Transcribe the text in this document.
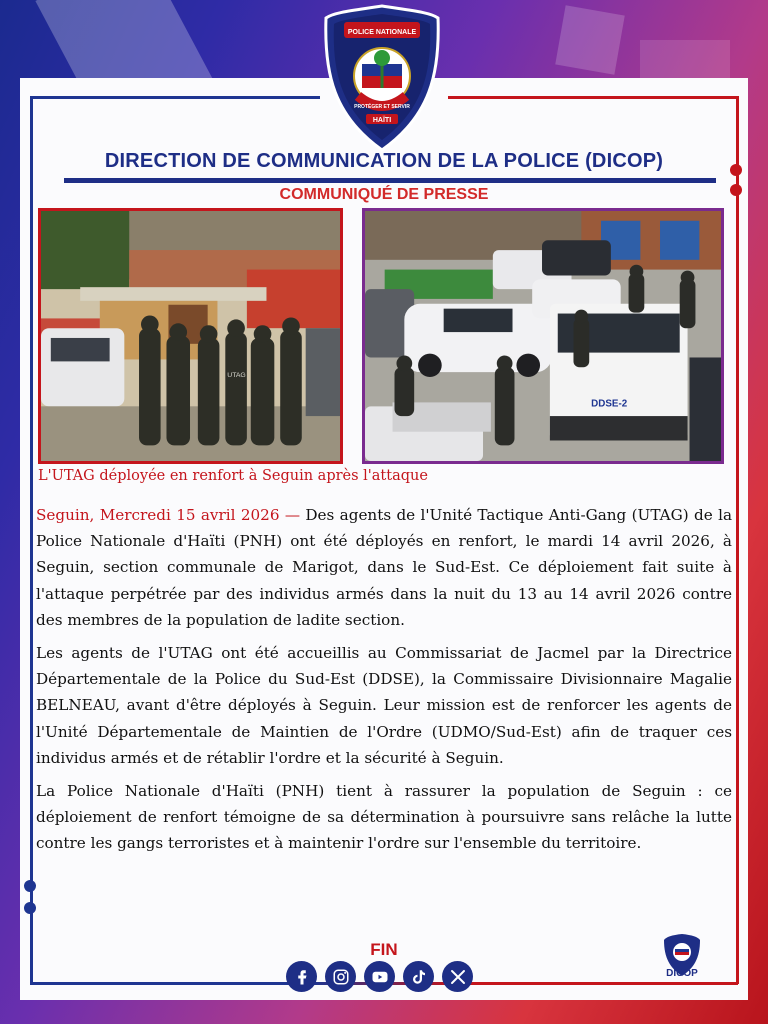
POLICE NATIONALE
PROTÉGER ET SERVIR
HAÏTI
DIRECTION DE COMMUNICATION DE LA POLICE (DICOP)
COMMUNIQUÉ DE PRESSE
UTAG
DDSE-2
L'UTAG déployée en renfort à Seguin après l'attaque

Seguin, Mercredi 15 avril 2026 — Des agents de l'Unité Tactique Anti-Gang (UTAG) de la Police Nationale d'Haïti (PNH) ont été déployés en renfort, le mardi 14 avril 2026, à Seguin, section communale de Marigot, dans le Sud-Est. Ce déploiement fait suite à l'attaque perpétrée par des individus armés dans la nuit du 13 au 14 avril 2026 contre des membres de la population de ladite section.

Les agents de l'UTAG ont été accueillis au Commissariat de Jacmel par la Directrice Départementale de la Police du Sud-Est (DDSE), la Commissaire Divisionnaire Magalie BELNEAU, avant d'être déployés à Seguin. Leur mission est de renforcer les agents de l'Unité Départementale de Maintien de l'Ordre (UDMO/Sud-Est) afin de traquer ces individus armés et de rétablir l'ordre et la sécurité à Seguin.

La Police Nationale d'Haïti (PNH) tient à rassurer la population de Seguin : ce déploiement de renfort témoigne de sa détermination à poursuivre sans relâche la lutte contre les gangs terroristes et à maintenir l'ordre sur l'ensemble du territoire.

FIN
DICOP
